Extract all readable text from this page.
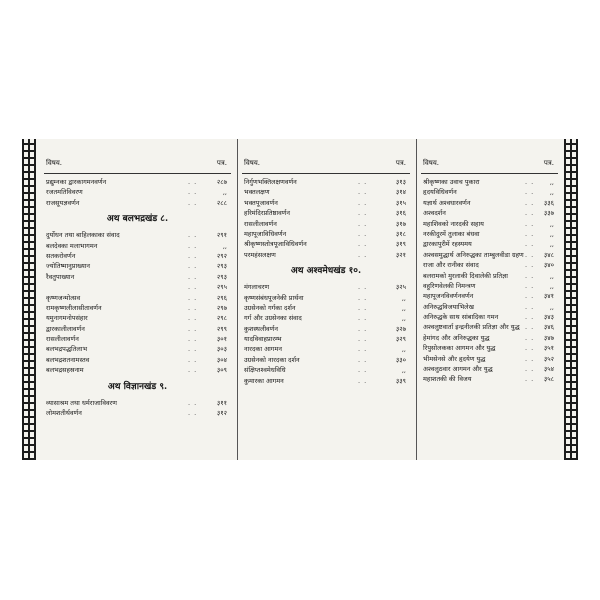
विषय.	पत्र.
प्रद्युम्नका द्वारकागमनवर्णन	. .	२८७
रजतमतिविवरण	. .	,,
राजसूयज्ञवर्णन	. .	२८८
अथ बलभद्रखंड ८.
दुर्योधन तथा बाहिलकाका संवाद	. .	२९१
बलदेवका मलाभागमन	. .	,,
सतकरोवर्णन	. .	२९२
ज्योतिष्मानुप्राख्यान	. .	२९३
रैवतुपाख्यान	. .	२९३
. .	२९५
कृष्णजन्मोत्सव	. .	२९६
रामकृष्णलीलासीतावर्णन	. .	२९७
यमुनागमनोपसंहार	. .	२९८
द्वारकालीलावर्णन	. .	२९९
रासलीलावर्णन	. .	३०१
बलभद्रपद्धतिलाभ	. .	३०३
बलभद्रशतनामस्तव	. .	३०४
बलभद्रसहस्रनाम	. .	३०९
अथ विज्ञानखंड ९.
व्यासाश्रम तथा धर्मराजाविवरण	. .	३११
लोमशतीर्थवर्णन	. .	३१२
विषय.	पत्र.
निर्गुणभक्तिलक्षणवर्णन	. .	३१३
भक्तलक्षण	. .	३१४
भक्तपूजावर्णन	. .	३१५
हरिमंदिरप्रतिष्ठावर्णन	. .	३१६
रासलीलावर्णन	. .	३१७
महापूजाविधिवर्णन	. .	३१८
श्रीकृष्णस्तोत्रपूजाविधिवर्णन	. .	३१९
परमहंसलक्षण	. .	३२१
अथ अश्वमेधखंड १०.
मंगलाचरण	. .	३२५
कृष्णसंबंधपूजनेकी प्रार्थना	. .	,,
उग्रसेनको गर्गका दर्शन	. .	,,
गर्ग और उग्रसेनका संवाद	. .	,,
कुशस्थलीवर्णन	. .	३२७
यादविवाहप्रारम्भ	. .	३२९
नारदका आगमन	. .	,,
उग्रसेनको नारदका दर्शन	. .	३३०
संक्षिप्तश्वमेधविधि	. .	,,
कुमारका आगमन	. .	३३९
विषय.	पत्र.
श्रीकृष्णका उवाच पुकारा	. . ,,
हृदयविधिवर्णन	. . ,,
यज्ञार्थ अश्वधारवर्णन	. . ३३६
अश्वदर्शन	. . ३३७
महाशिवको नारदकी सहाय	. . ,,
नरकीदुरमें तुलाका बंधवा	. . ,,
द्वारकापुरीमें रहस्यमय	. . ,,
अश्वसमुद्धार्थ अनिरुद्धका ताम्बुलवीडा ग्रहण . . ३४८
राजा और रानीका संवाद	. . ३४०
बलरामको मुरलाकी दिवालेकी प्रतिज्ञा	. . ,,
वहुरिणवेलकी निमन्त्रण	. . ,,
महापूजनविवर्णनवर्णन	. . ३४१
अनिरुद्धविजयाभिलेख	. . ,,
अनिरुद्धके साथ सांबादिका गमन	. . ३४३
अश्वलुष्टवार्ता इन्द्रनीलकी प्रतिज्ञा और युद्ध . . ३४६
हेमांगद और अनिरुद्धका युद्ध	. . ३४७
रिपुसोलकका आगमन और युद्ध	. . ३५१
भीमसेनसे और हृदयेण युद्ध	. . ३५२
अश्वलुठवार आगमन और युद्ध	. . ३५४
महाशतकी की विजय	. . ३५८
